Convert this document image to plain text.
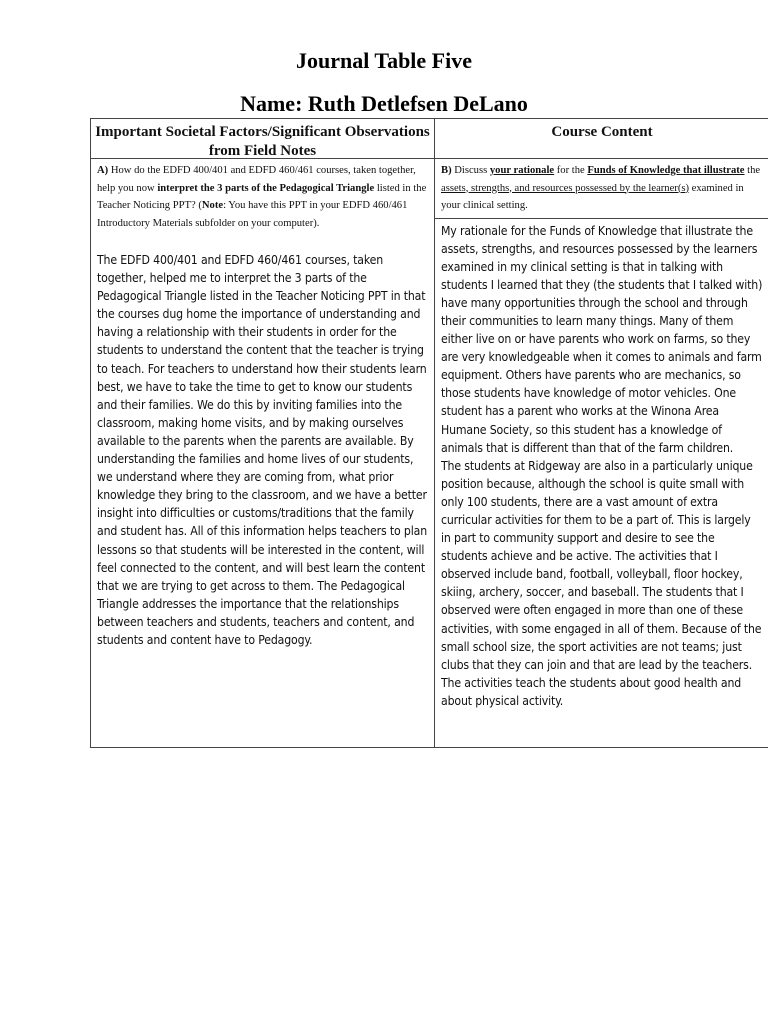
Journal Table Five
Name: Ruth Detlefsen DeLano
Important Societal Factors/Significant Observations from Field Notes
Course Content
A) How do the EDFD 400/401 and EDFD 460/461 courses, taken together, help you now interpret the 3 parts of the Pedagogical Triangle listed in the Teacher Noticing PPT? (Note: You have this PPT in your EDFD 460/461 Introductory Materials subfolder on your computer).
The EDFD 400/401 and EDFD 460/461 courses, taken together, helped me to interpret the 3 parts of the Pedagogical Triangle listed in the Teacher Noticing PPT in that the courses dug home the importance of understanding and having a relationship with their students in order for the students to understand the content that the teacher is trying to teach. For teachers to understand how their students learn best, we have to take the time to get to know our students and their families. We do this by inviting families into the classroom, making home visits, and by making ourselves available to the parents when the parents are available. By understanding the families and home lives of our students, we understand where they are coming from, what prior knowledge they bring to the classroom, and we have a better insight into difficulties or customs/traditions that the family and student has. All of this information helps teachers to plan lessons so that students will be interested in the content, will feel connected to the content, and will best learn the content that we are trying to get across to them. The Pedagogical Triangle addresses the importance that the relationships between teachers and students, teachers and content, and students and content have to Pedagogy.
B) Discuss your rationale for the Funds of Knowledge that illustrate the assets, strengths, and resources possessed by the learner(s) examined in your clinical setting.
My rationale for the Funds of Knowledge that illustrate the assets, strengths, and resources possessed by the learners examined in my clinical setting is that in talking with students I learned that they (the students that I talked with) have many opportunities through the school and through their communities to learn many things. Many of them either live on or have parents who work on farms, so they are very knowledgeable when it comes to animals and farm equipment. Others have parents who are mechanics, so those students have knowledge of motor vehicles. One student has a parent who works at the Winona Area Humane Society, so this student has a knowledge of animals that is different than that of the farm children.
The students at Ridgeway are also in a particularly unique position because, although the school is quite small with only 100 students, there are a vast amount of extra curricular activities for them to be a part of. This is largely in part to community support and desire to see the students achieve and be active. The activities that I observed include band, football, volleyball, floor hockey, skiing, archery, soccer, and baseball. The students that I observed were often engaged in more than one of these activities, with some engaged in all of them. Because of the small school size, the sport activities are not teams; just clubs that they can join and that are lead by the teachers. The activities teach the students about good health and about physical activity.
